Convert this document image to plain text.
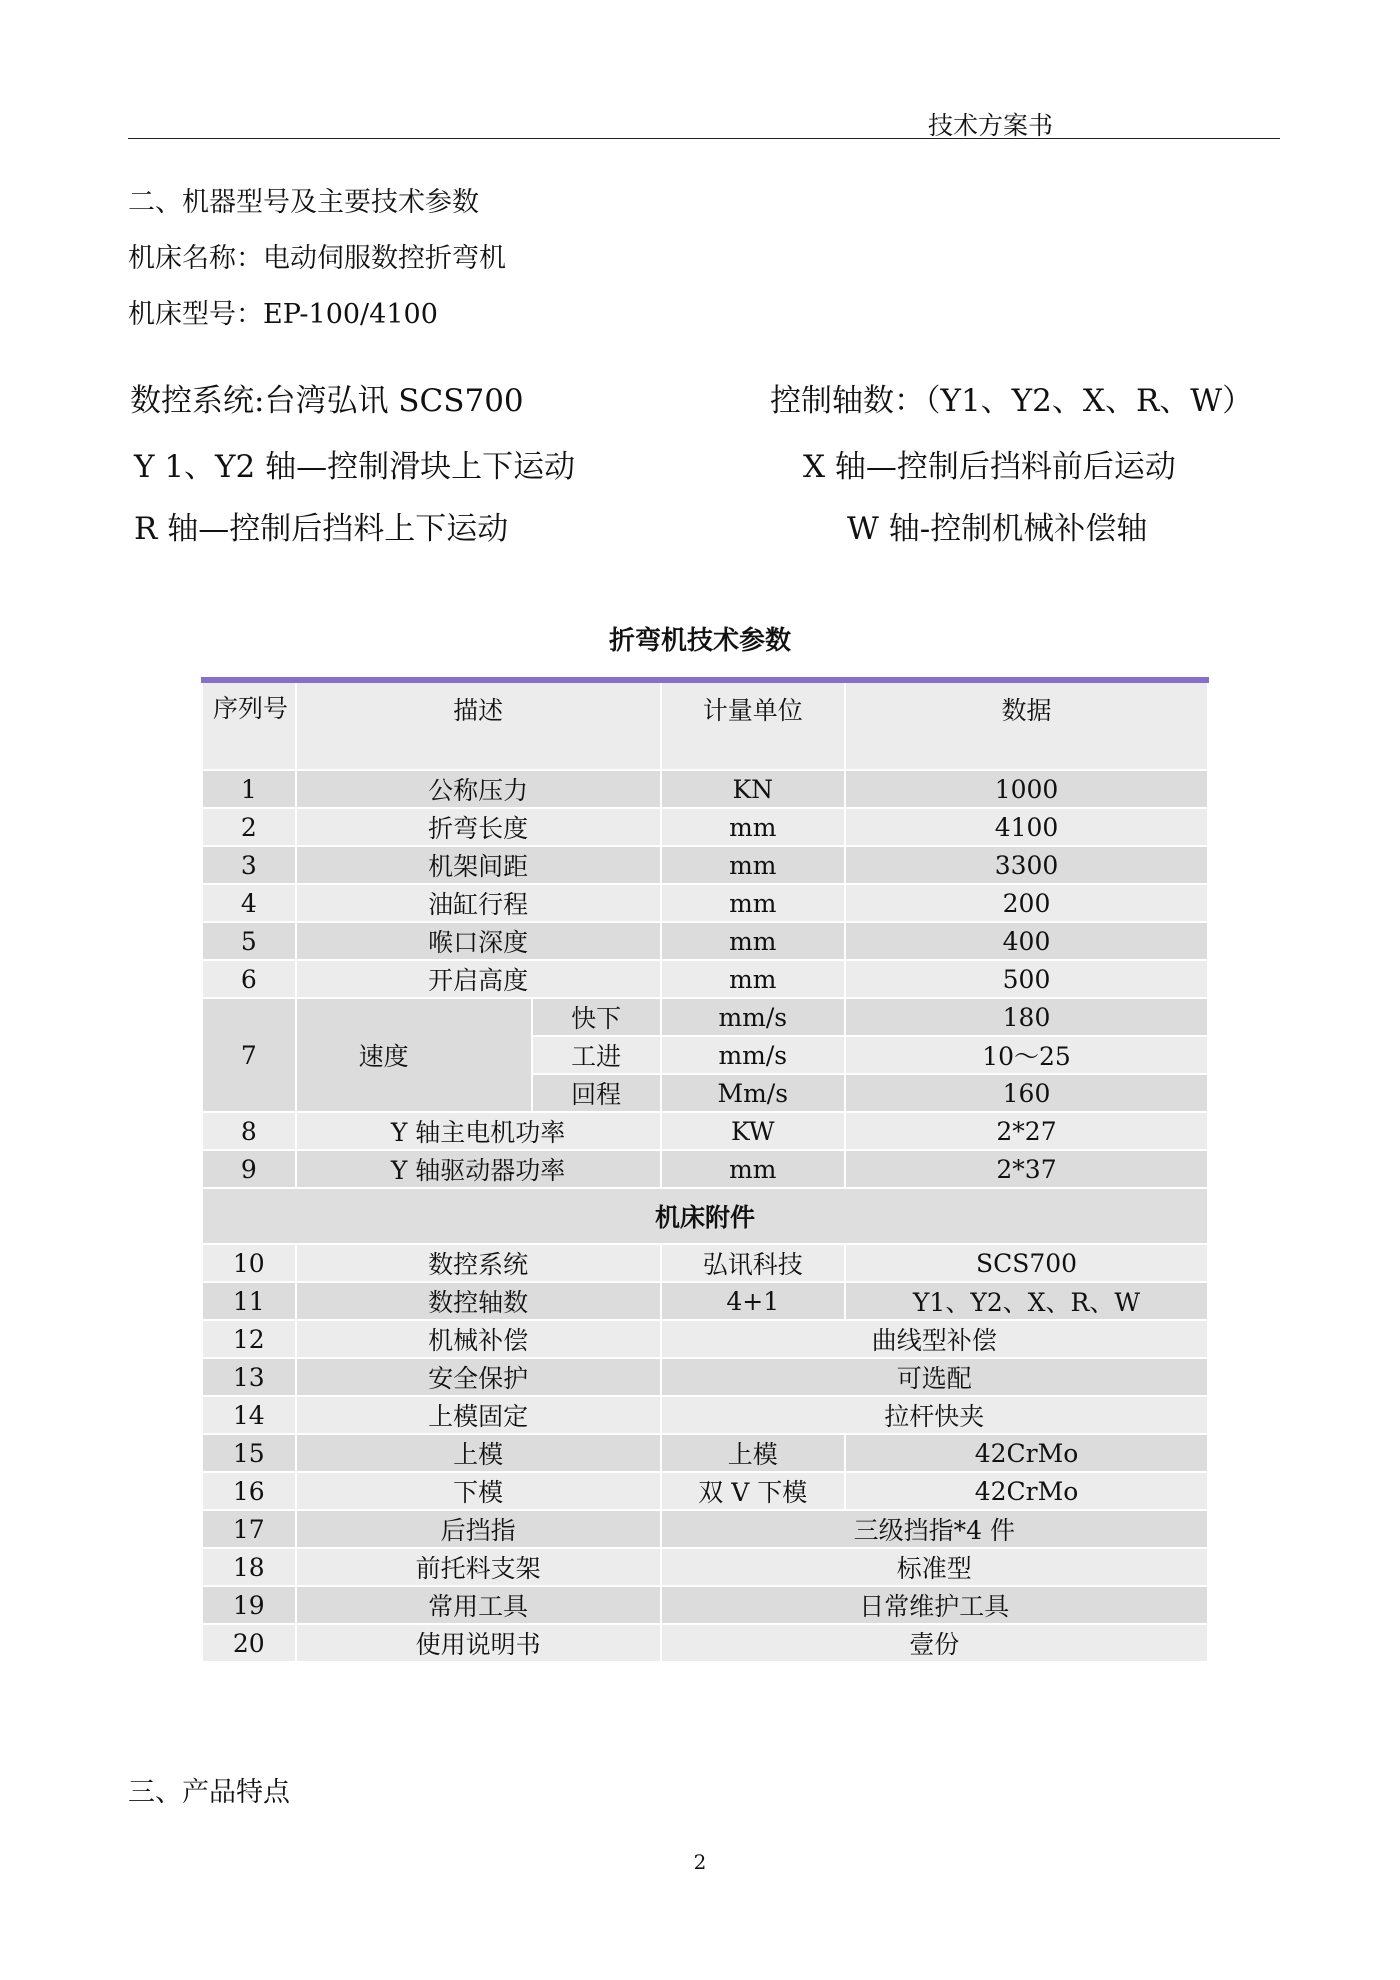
技术方案书
二、机器型号及主要技术参数
机床名称：电动伺服数控折弯机
机床型号：EP-100/4100
数控系统:台湾弘讯 SCS700	控制轴数：（Y1、Y2、X、R、W）
Y 1、Y2 轴—控制滑块上下运动	X 轴—控制后挡料前后运动
R 轴—控制后挡料上下运动	W 轴-控制机械补偿轴
折弯机技术参数
序列号	描述		计量单位	数据
1	公称压力		KN	1000
2	折弯长度		mm	4100
3	机架间距		mm	3300
4	油缸行程		mm	200
5	喉口深度		mm	400
6	开启高度		mm	500
7	速度	快下	mm/s	180
		工进	mm/s	10～25
		回程	Mm/s	160
8	Y 轴主电机功率		KW	2*27
9	Y 轴驱动器功率		mm	2*37
机床附件				
10	数控系统		弘讯科技	SCS700
11	数控轴数		4+1	Y1、Y2、X、R、W
12	机械补偿		曲线型补偿	
13	安全保护		可选配	
14	上模固定		拉杆快夹	
15	上模		上模	42CrMo
16	下模		双 V 下模	42CrMo
17	后挡指		三级挡指*4 件	
18	前托料支架		标准型	
19	常用工具		日常维护工具	
20	使用说明书		壹份	
三、产品特点
2
